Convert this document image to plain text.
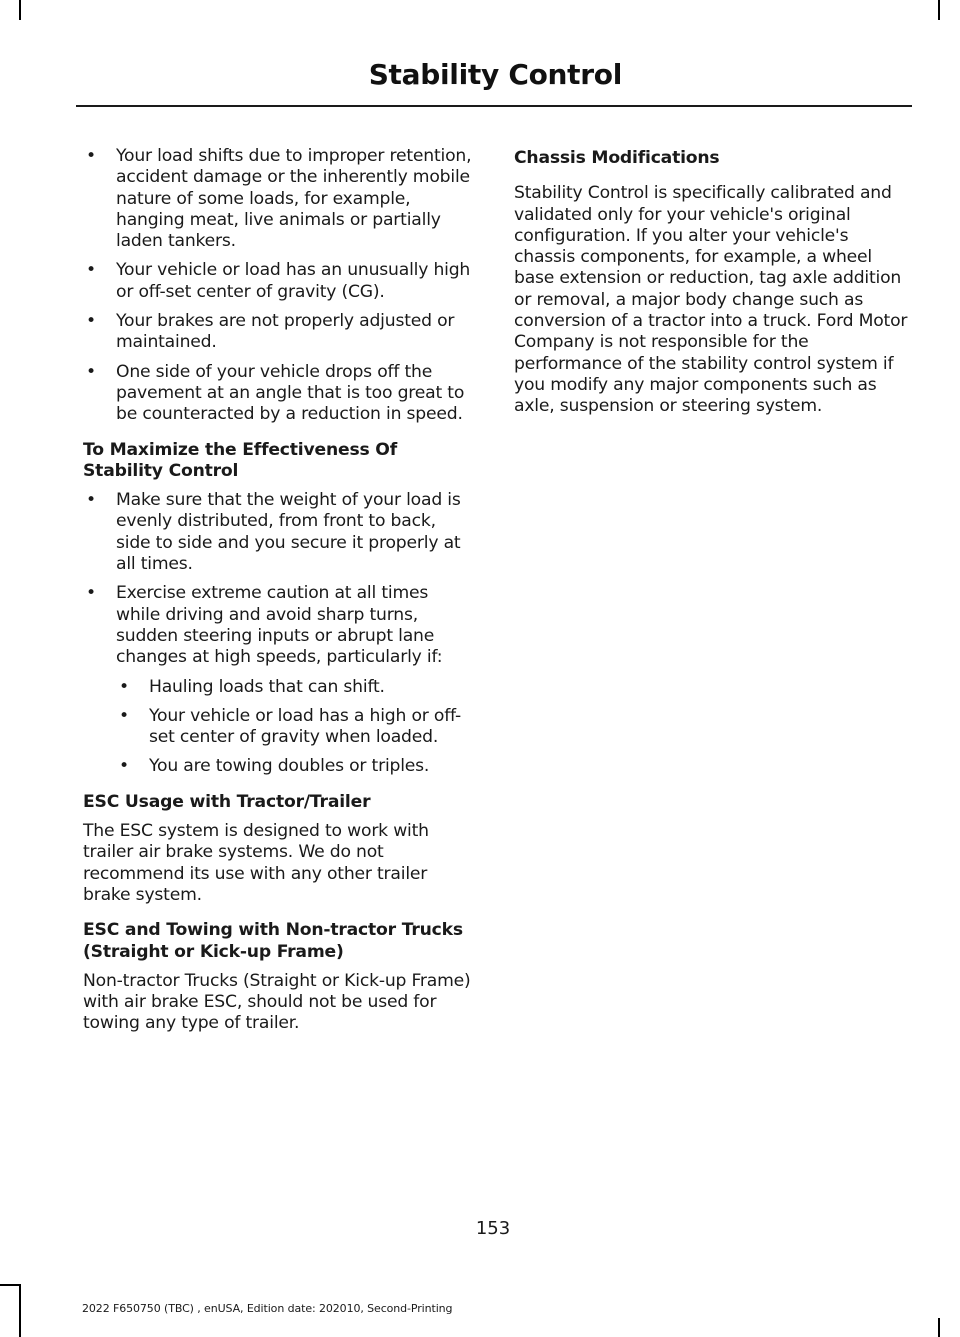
Stability Control
• Your load shifts due to improper retention, accident damage or the inherently mobile nature of some loads, for example, hanging meat, live animals or partially laden tankers.
• Your vehicle or load has an unusually high or off-set center of gravity (CG).
• Your brakes are not properly adjusted or maintained.
• One side of your vehicle drops off the pavement at an angle that is too great to be counteracted by a reduction in speed.
To Maximize the Effectiveness Of Stability Control
• Make sure that the weight of your load is evenly distributed, from front to back, side to side and you secure it properly at all times.
• Exercise extreme caution at all times while driving and avoid sharp turns, sudden steering inputs or abrupt lane changes at high speeds, particularly if:
• Hauling loads that can shift.
• Your vehicle or load has a high or off-set center of gravity when loaded.
• You are towing doubles or triples.
ESC Usage with Tractor/Trailer
The ESC system is designed to work with trailer air brake systems. We do not recommend its use with any other trailer brake system.
ESC and Towing with Non-tractor Trucks (Straight or Kick-up Frame)
Non-tractor Trucks (Straight or Kick-up Frame) with air brake ESC, should not be used for towing any type of trailer.
Chassis Modifications
Stability Control is specifically calibrated and validated only for your vehicle's original configuration. If you alter your vehicle's chassis components, for example, a wheel base extension or reduction, tag axle addition or removal, a major body change such as conversion of a tractor into a truck. Ford Motor Company is not responsible for the performance of the stability control system if you modify any major components such as axle, suspension or steering system.
153
2022 F650750 (TBC) , enUSA, Edition date: 202010, Second-Printing
